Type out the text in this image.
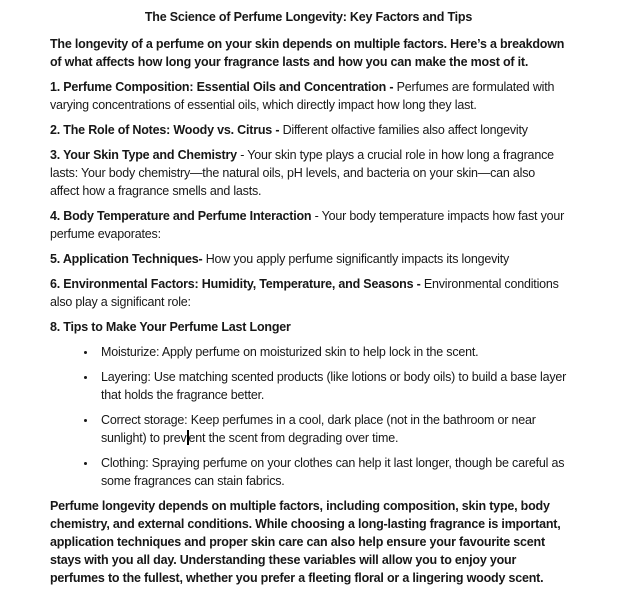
The Science of Perfume Longevity: Key Factors and Tips

The longevity of a perfume on your skin depends on multiple factors. Here’s a breakdown of what affects how long your fragrance lasts and how you can make the most of it.

1. Perfume Composition: Essential Oils and Concentration - Perfumes are formulated with varying concentrations of essential oils, which directly impact how long they last.

2. The Role of Notes: Woody vs. Citrus - Different olfactive families also affect longevity

3. Your Skin Type and Chemistry - Your skin type plays a crucial role in how long a fragrance lasts: Your body chemistry—the natural oils, pH levels, and bacteria on your skin—can also affect how a fragrance smells and lasts.

4. Body Temperature and Perfume Interaction - Your body temperature impacts how fast your perfume evaporates:

5. Application Techniques- How you apply perfume significantly impacts its longevity

6. Environmental Factors: Humidity, Temperature, and Seasons - Environmental conditions also play a significant role:

8. Tips to Make Your Perfume Last Longer

• Moisturize: Apply perfume on moisturized skin to help lock in the scent.
• Layering: Use matching scented products (like lotions or body oils) to build a base layer that holds the fragrance better.
• Correct storage: Keep perfumes in a cool, dark place (not in the bathroom or near sunlight) to prev ent the scent from degrading over time.
• Clothing: Spraying perfume on your clothes can help it last longer, though be careful as some fragrances can stain fabrics.

Perfume longevity depends on multiple factors, including composition, skin type, body chemistry, and external conditions. While choosing a long-lasting fragrance is important, application techniques and proper skin care can also help ensure your favourite scent stays with you all day. Understanding these variables will allow you to enjoy your perfumes to the fullest, whether you prefer a fleeting floral or a lingering woody scent.
